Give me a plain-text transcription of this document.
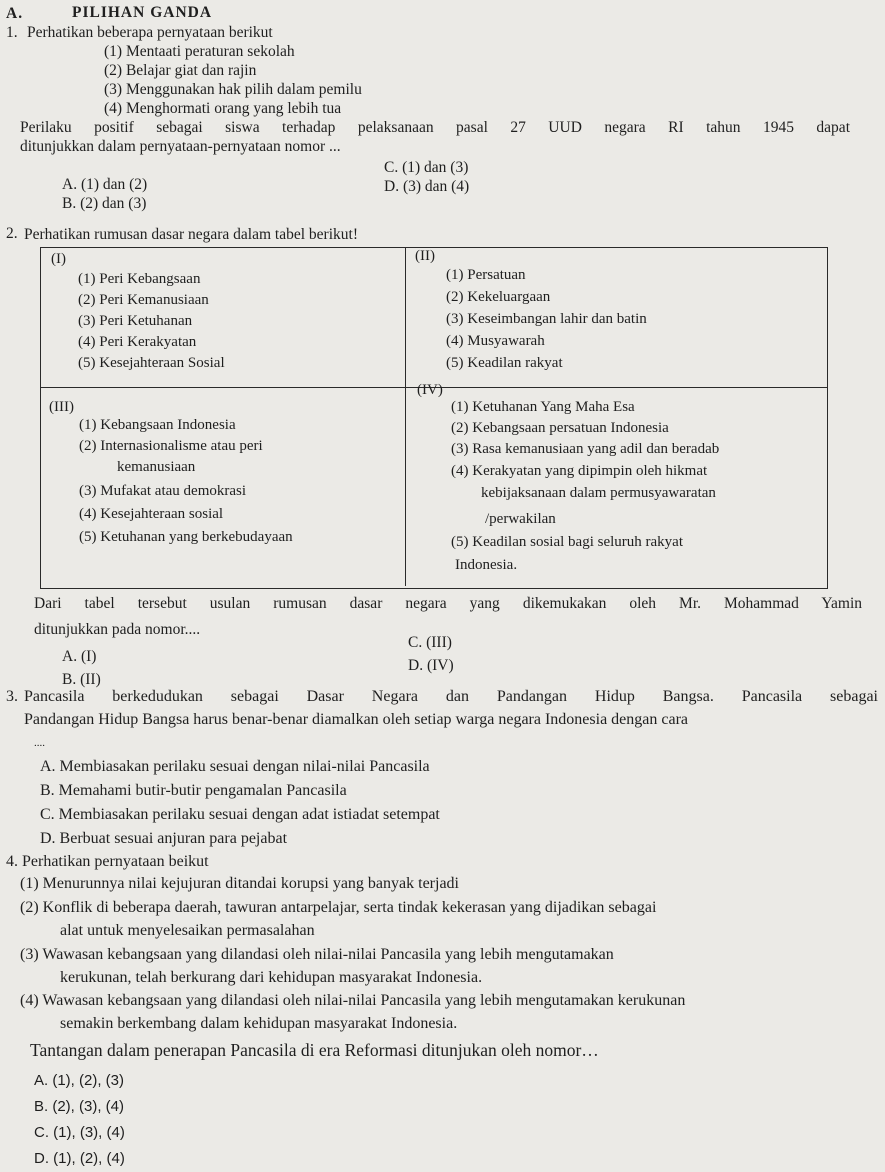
A.	PILIHAN GANDA
1. Perhatikan beberapa pernyataan berikut
(1) Mentaati peraturan sekolah
(2) Belajar giat dan rajin
(3) Menggunakan hak pilih dalam pemilu
(4) Menghormati orang yang lebih tua
Perilaku positif sebagai siswa terhadap pelaksanaan pasal 27 UUD negara RI tahun 1945 dapat
ditunjukkan dalam pernyataan-pernyataan nomor ...
A. (1) dan (2)
B. (2) dan (3)
C. (1) dan (3)
D. (3) dan (4)
2. Perhatikan rumusan dasar negara dalam tabel berikut!
(I)
(1) Peri Kebangsaan
(2) Peri Kemanusiaan
(3) Peri Ketuhanan
(4) Peri Kerakyatan
(5) Kesejahteraan Sosial
(II)
(1) Persatuan
(2) Kekeluargaan
(3) Keseimbangan lahir dan batin
(4) Musyawarah
(5) Keadilan rakyat
(III)
(1) Kebangsaan Indonesia
(2) Internasionalisme atau peri
kemanusiaan
(3) Mufakat atau demokrasi
(4) Kesejahteraan sosial
(5) Ketuhanan yang berkebudayaan
(IV)
(1) Ketuhanan Yang Maha Esa
(2) Kebangsaan persatuan Indonesia
(3) Rasa kemanusiaan yang adil dan beradab
(4) Kerakyatan yang dipimpin oleh hikmat
kebijaksanaan dalam permusyawaratan
/perwakilan
(5) Keadilan sosial bagi seluruh rakyat
Indonesia.
Dari tabel tersebut usulan rumusan dasar negara yang dikemukakan oleh Mr. Mohammad Yamin
ditunjukkan pada nomor....
A. (I)
B. (II)
C. (III)
D. (IV)
3. Pancasila berkedudukan sebagai Dasar Negara dan Pandangan Hidup Bangsa. Pancasila sebagai
Pandangan Hidup Bangsa harus benar-benar diamalkan oleh setiap warga negara Indonesia dengan cara
....
A. Membiasakan perilaku sesuai dengan nilai-nilai Pancasila
B. Memahami butir-butir pengamalan Pancasila
C. Membiasakan perilaku sesuai dengan adat istiadat setempat
D. Berbuat sesuai anjuran para pejabat
4. Perhatikan pernyataan beikut
(1) Menurunnya nilai kejujuran ditandai korupsi yang banyak terjadi
(2) Konflik di beberapa daerah, tawuran antarpelajar, serta tindak kekerasan yang dijadikan sebagai
alat untuk menyelesaikan permasalahan
(3) Wawasan kebangsaan yang dilandasi oleh nilai-nilai Pancasila yang lebih mengutamakan
kerukunan, telah berkurang dari kehidupan masyarakat Indonesia.
(4) Wawasan kebangsaan yang dilandasi oleh nilai-nilai Pancasila yang lebih mengutamakan kerukunan
semakin berkembang dalam kehidupan masyarakat Indonesia.
Tantangan dalam penerapan Pancasila di era Reformasi ditunjukan oleh nomor…
A. (1), (2), (3)
B. (2), (3), (4)
C. (1), (3), (4)
D. (1), (2), (4)
